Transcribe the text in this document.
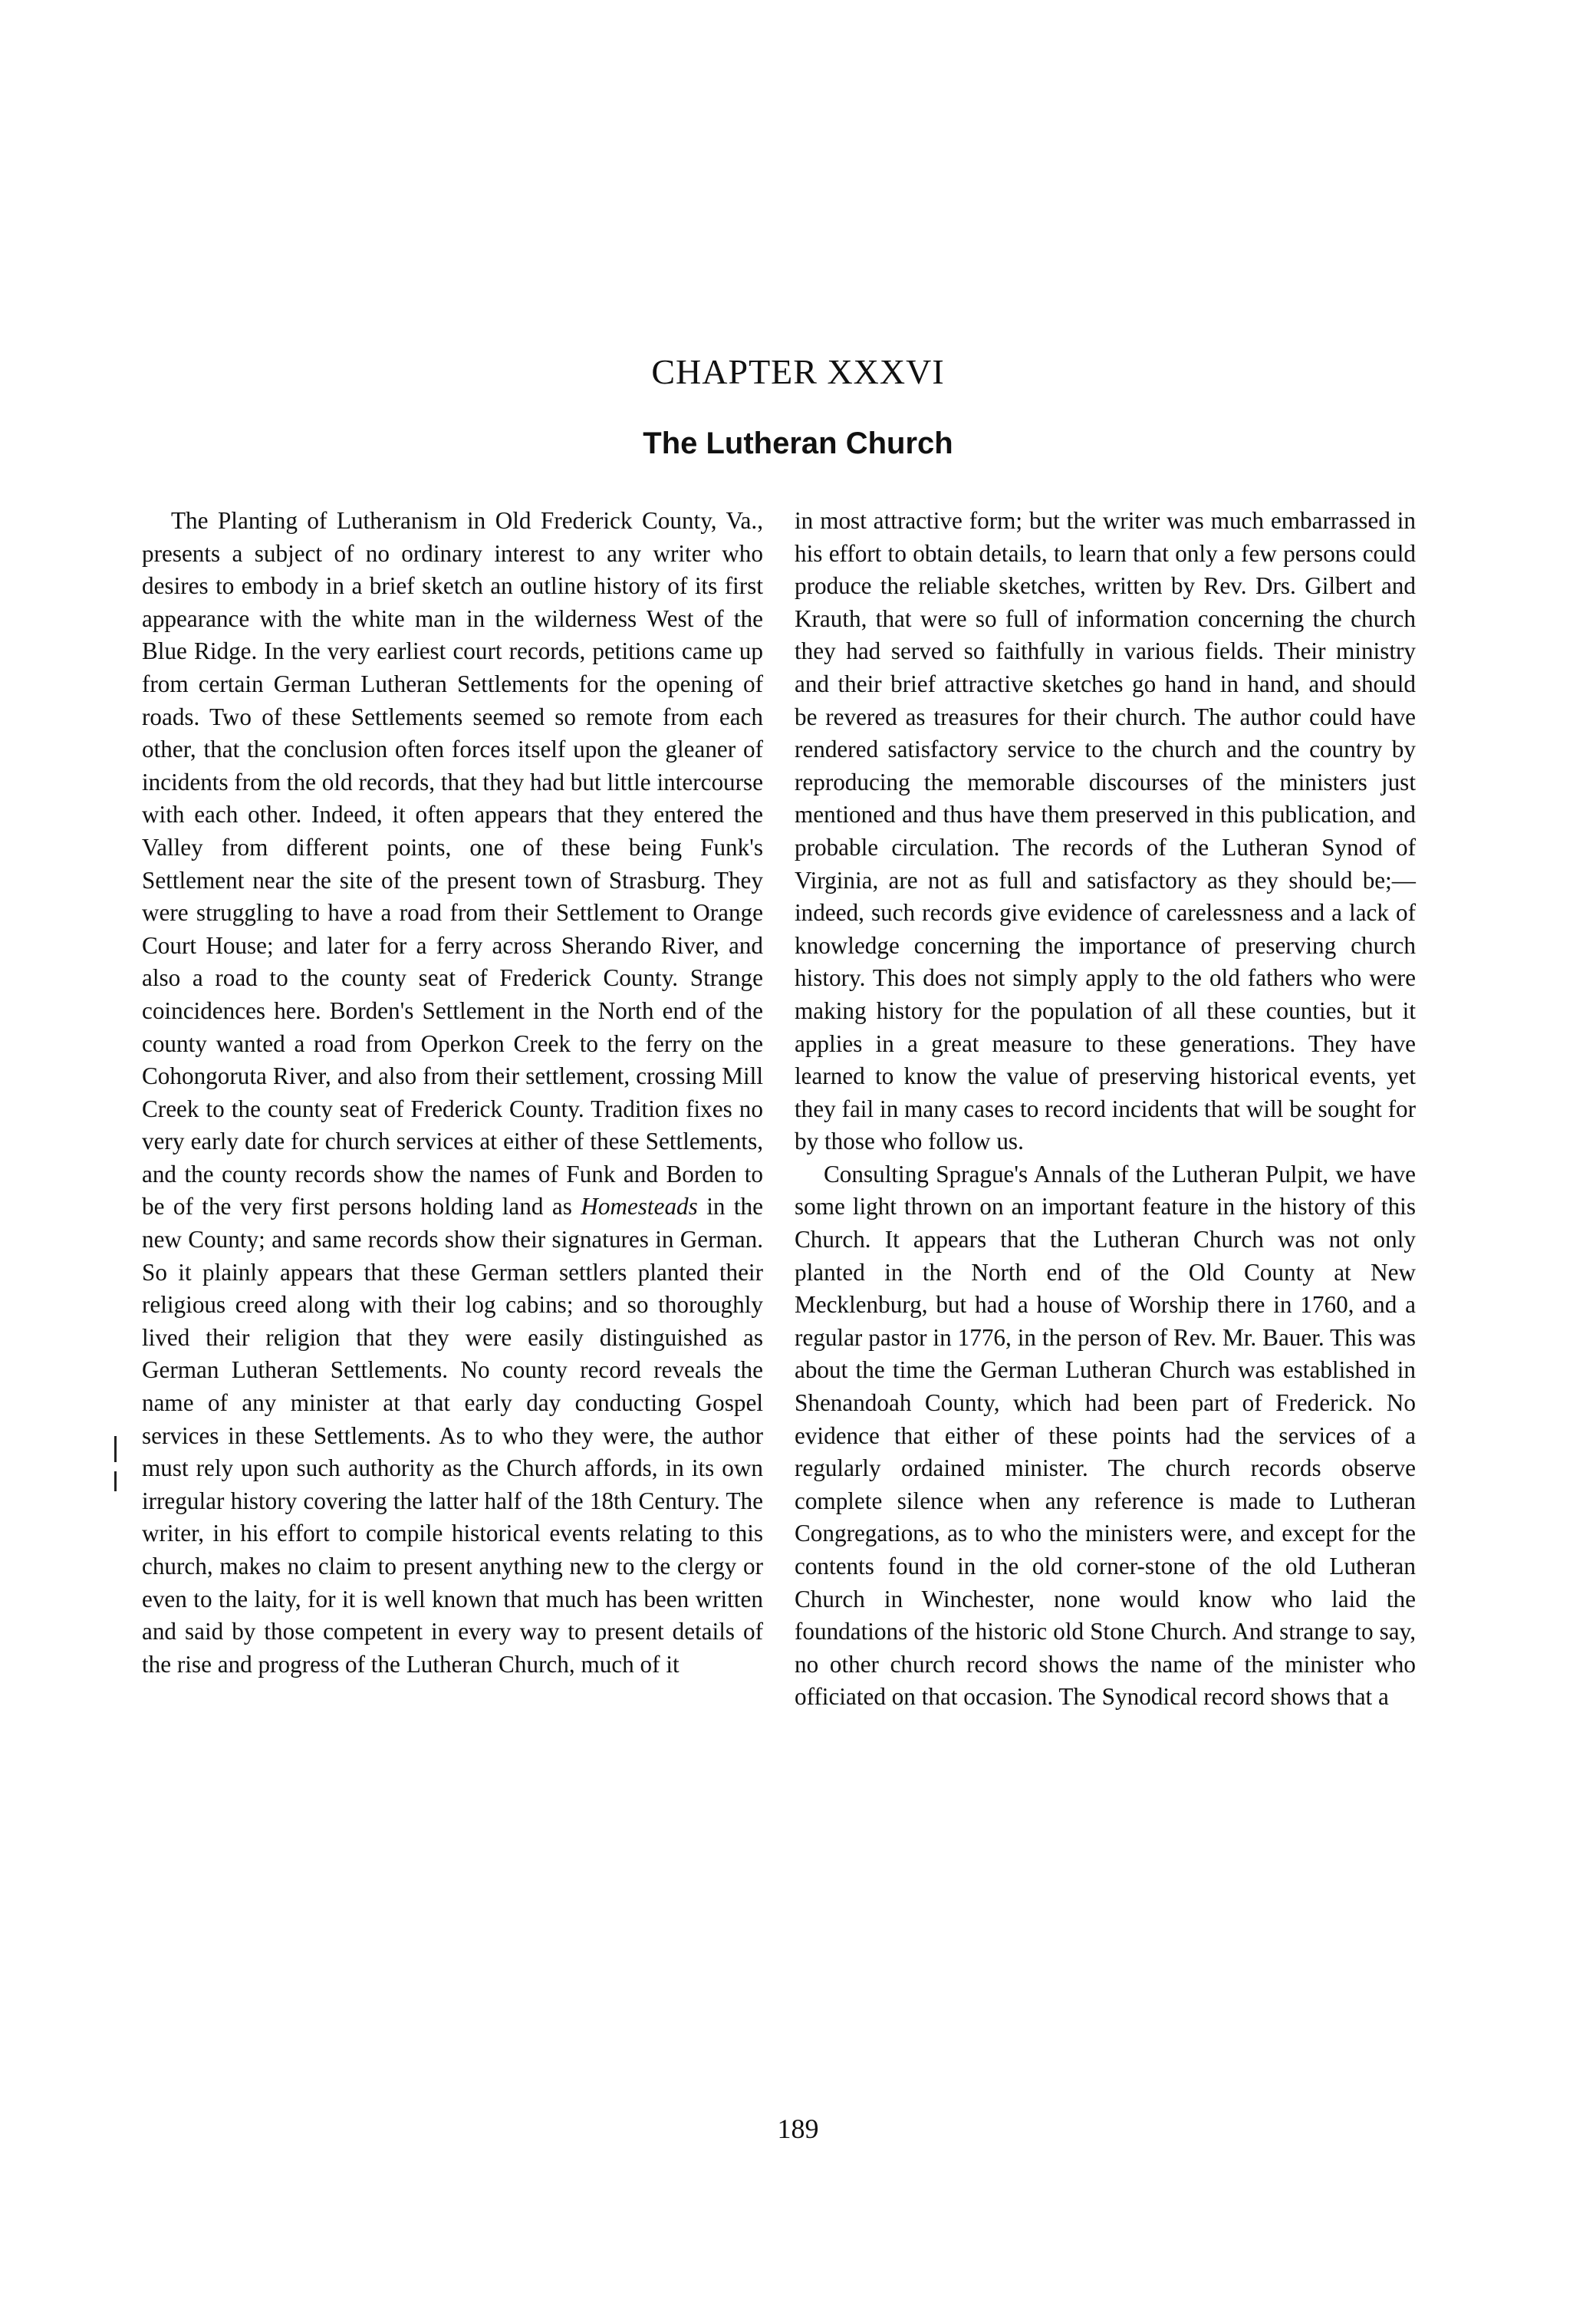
CHAPTER XXXVI
The Lutheran Church

The Planting of Lutheranism in Old Frederick County, Va., presents a subject of no ordinary interest to any writer who desires to embody in a brief sketch an outline history of its first appearance with the white man in the wilderness West of the Blue Ridge. In the very earliest court records, petitions came up from certain German Lutheran Settlements for the opening of roads. Two of these Settlements seemed so remote from each other, that the conclusion often forces itself upon the gleaner of incidents from the old records, that they had but little intercourse with each other. Indeed, it often appears that they entered the Valley from different points, one of these being Funk's Settlement near the site of the present town of Strasburg. They were struggling to have a road from their Settlement to Orange Court House; and later for a ferry across Sherando River, and also a road to the county seat of Frederick County. Strange coincidences here. Borden's Settlement in the North end of the county wanted a road from Operkon Creek to the ferry on the Cohongoruta River, and also from their settlement, crossing Mill Creek to the county seat of Frederick County. Tradition fixes no very early date for church services at either of these Settlements, and the county records show the names of Funk and Borden to be of the very first persons holding land as Homesteads in the new County; and same records show their signatures in German. So it plainly appears that these German settlers planted their religious creed along with their log cabins; and so thoroughly lived their religion that they were easily distinguished as German Lutheran Settlements. No county record reveals the name of any minister at that early day conducting Gospel services in these Settlements. As to who they were, the author must rely upon such authority as the Church affords, in its own irregular history covering the latter half of the 18th Century. The writer, in his effort to compile historical events relating to this church, makes no claim to present anything new to the clergy or even to the laity, for it is well known that much has been written and said by those competent in every way to present details of the rise and progress of the Lutheran Church, much of it

in most attractive form; but the writer was much embarrassed in his effort to obtain details, to learn that only a few persons could produce the reliable sketches, written by Rev. Drs. Gilbert and Krauth, that were so full of information concerning the church they had served so faithfully in various fields. Their ministry and their brief attractive sketches go hand in hand, and should be revered as treasures for their church. The author could have rendered satisfactory service to the church and the country by reproducing the memorable discourses of the ministers just mentioned and thus have them preserved in this publication, and probable circulation. The records of the Lutheran Synod of Virginia, are not as full and satisfactory as they should be;—indeed, such records give evidence of carelessness and a lack of knowledge concerning the importance of preserving church history. This does not simply apply to the old fathers who were making history for the population of all these counties, but it applies in a great measure to these generations. They have learned to know the value of preserving historical events, yet they fail in many cases to record incidents that will be sought for by those who follow us.

Consulting Sprague's Annals of the Lutheran Pulpit, we have some light thrown on an important feature in the history of this Church. It appears that the Lutheran Church was not only planted in the North end of the Old County at New Mecklenburg, but had a house of Worship there in 1760, and a regular pastor in 1776, in the person of Rev. Mr. Bauer. This was about the time the German Lutheran Church was established in Shenandoah County, which had been part of Frederick. No evidence that either of these points had the services of a regularly ordained minister. The church records observe complete silence when any reference is made to Lutheran Congregations, as to who the ministers were, and except for the contents found in the old corner-stone of the old Lutheran Church in Winchester, none would know who laid the foundations of the historic old Stone Church. And strange to say, no other church record shows the name of the minister who officiated on that occasion. The Synodical record shows that a

189
